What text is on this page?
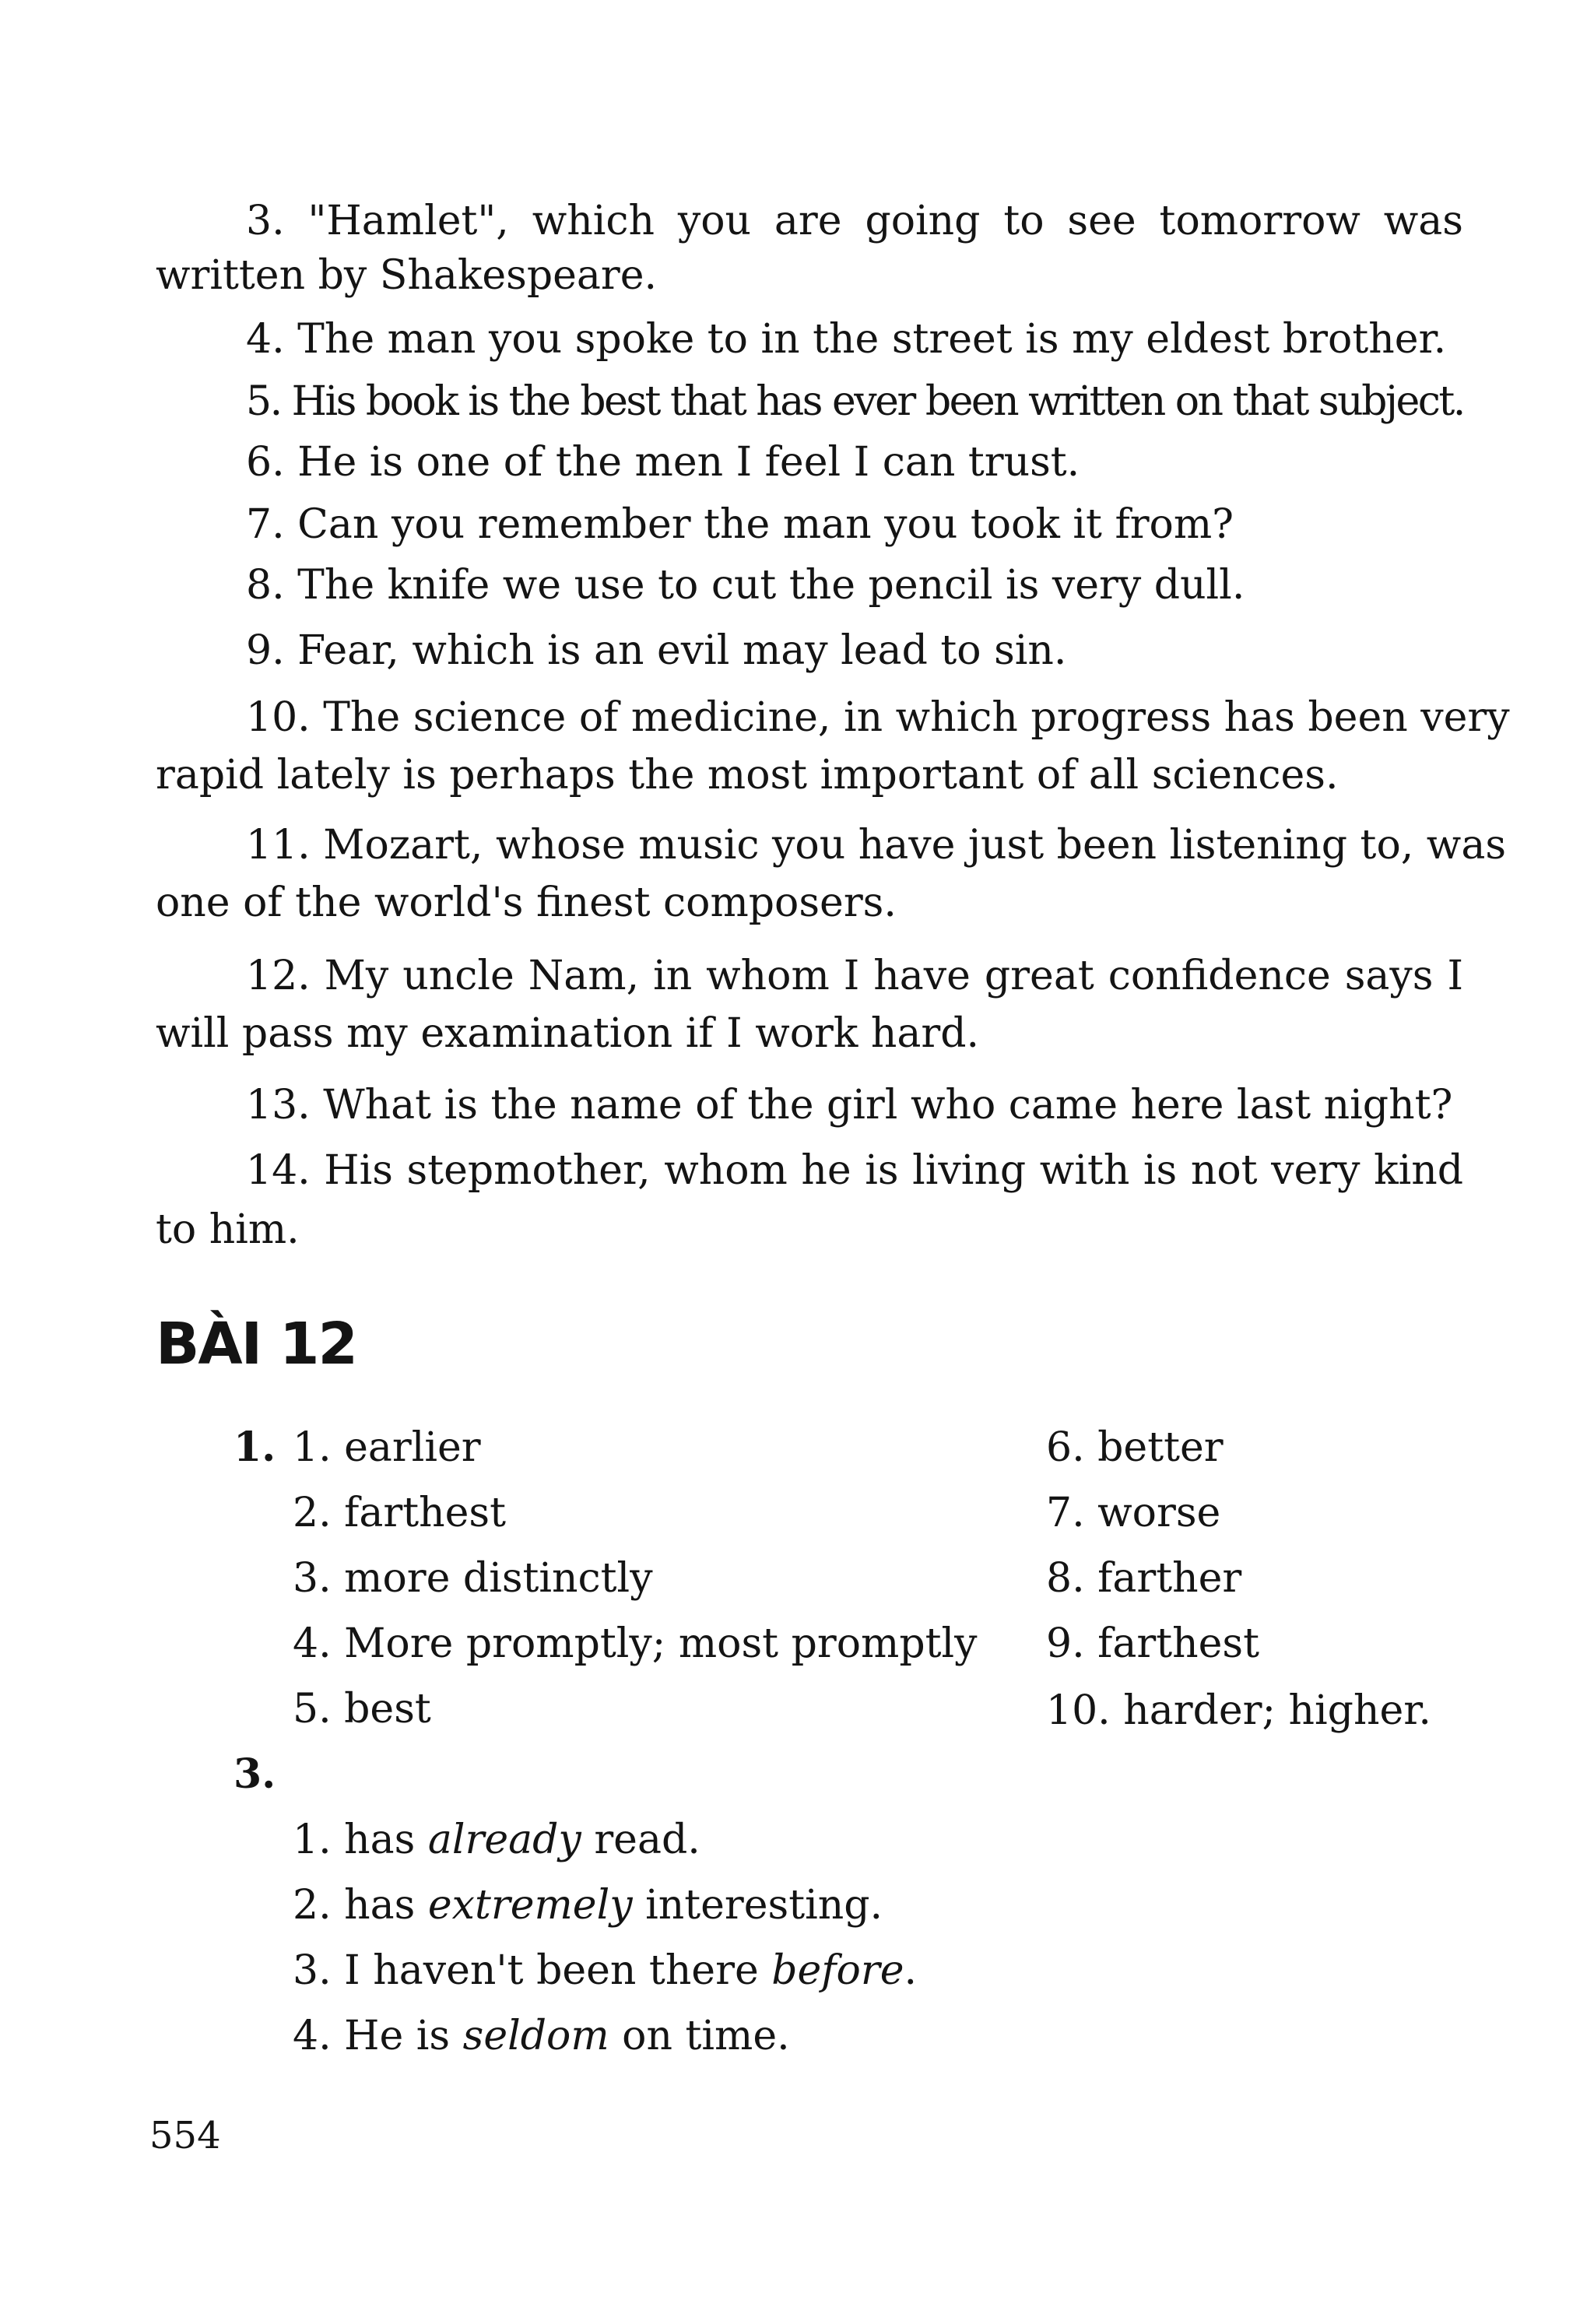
3. "Hamlet", which you are going to see tomorrow was
written by Shakespeare.
4. The man you spoke to in the street is my eldest brother.
5. His book is the best that has ever been written on that subject.
6. He is one of the men I feel I can trust.
7. Can you remember the man you took it from?
8. The knife we use to cut the pencil is very dull.
9. Fear, which is an evil may lead to sin.
10. The science of medicine, in which progress has been very
rapid lately is perhaps the most important of all sciences.
11. Mozart, whose music you have just been listening to, was
one of the world's finest composers.
12. My uncle Nam, in whom I have great confidence says I
will pass my examination if I work hard.
13. What is the name of the girl who came here last night?
14. His stepmother, whom he is living with is not very kind
to him.
BÀI 12
1. 1. earlier
2. farthest
3. more distinctly
4. More promptly; most promptly
5. best
6. better
7. worse
8. farther
9. farthest
10. harder; higher.
3.
1. has already read.
2. has extremely interesting.
3. I haven't been there before.
4. He is seldom on time.
554
